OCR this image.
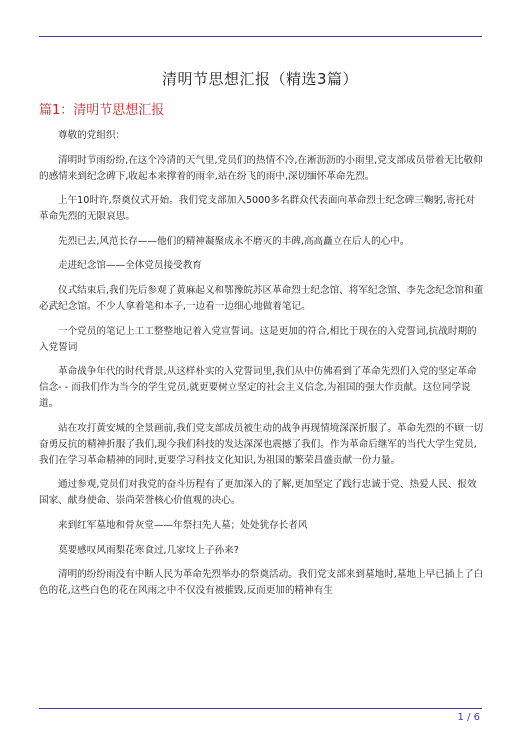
清明节思想汇报（精选3篇）
篇1：清明节思想汇报

尊敬的党组织：

清明时节雨纷纷,在这个冷清的天气里,党员们的热情不冷,在淅沥沥的小雨里,党支部成员带着无比敬仰的感情来到纪念碑下,收起本来撑着的雨伞,站在纷飞的雨中,深切缅怀革命先烈。

上午10时许,祭奠仪式开始。我们党支部加入5000多名群众代表面向革命烈士纪念碑三鞠躬,寄托对革命先烈的无限哀思。

先烈已去,风范长存——他们的精神凝聚成永不磨灭的丰碑,高高矗立在后人的心中。

走进纪念馆——全体党员接受教育

仪式结束后,我们先后参观了黄麻起义和鄂豫皖苏区革命烈士纪念馆、将军纪念馆、李先念纪念馆和董必武纪念馆。不少人拿着笔和本子,一边看一边细心地做着笔记。

一个党员的笔记上工工整整地记着入党宣誓词。这是更加的符合,相比于现在的入党誓词,抗战时期的入党誓词

革命战争年代的时代背景,从这样朴实的入党誓词里,我们从中仿佛看到了革命先烈们入党的坚定革命信念- - 而我们作为当今的学生党员,就更要树立坚定的社会主义信念,为祖国的强大作贡献。这位同学说道。

站在攻打黄安城的全景画前,我们党支部成员被生动的战争再现情境深深折服了。革命先烈的不顾一切奋勇反抗的精神折服了我们,现今我们科技的发达深深也震撼了我们。作为革命后继军的当代大学生党员,我们在学习革命精神的同时,更要学习科技文化知识,为祖国的繁荣昌盛贡献一份力量。

通过参观,党员们对我党的奋斗历程有了更加深入的了解,更加坚定了践行忠诚于党、热爱人民、报效国家、献身使命、崇尚荣誉核心价值观的决心。

来到红军墓地和骨灰堂——年祭扫先人墓；处处犹存长者风

莫要感叹风雨梨花寒食过,几家坟上子孙来?

清明的纷纷雨没有中断人民为革命先烈举办的祭奠活动。我们党支部来到墓地时,墓地上早已插上了白色的花,这些白色的花在风雨之中不仅没有被摧毁,反而更加的精神有生

1 / 6
